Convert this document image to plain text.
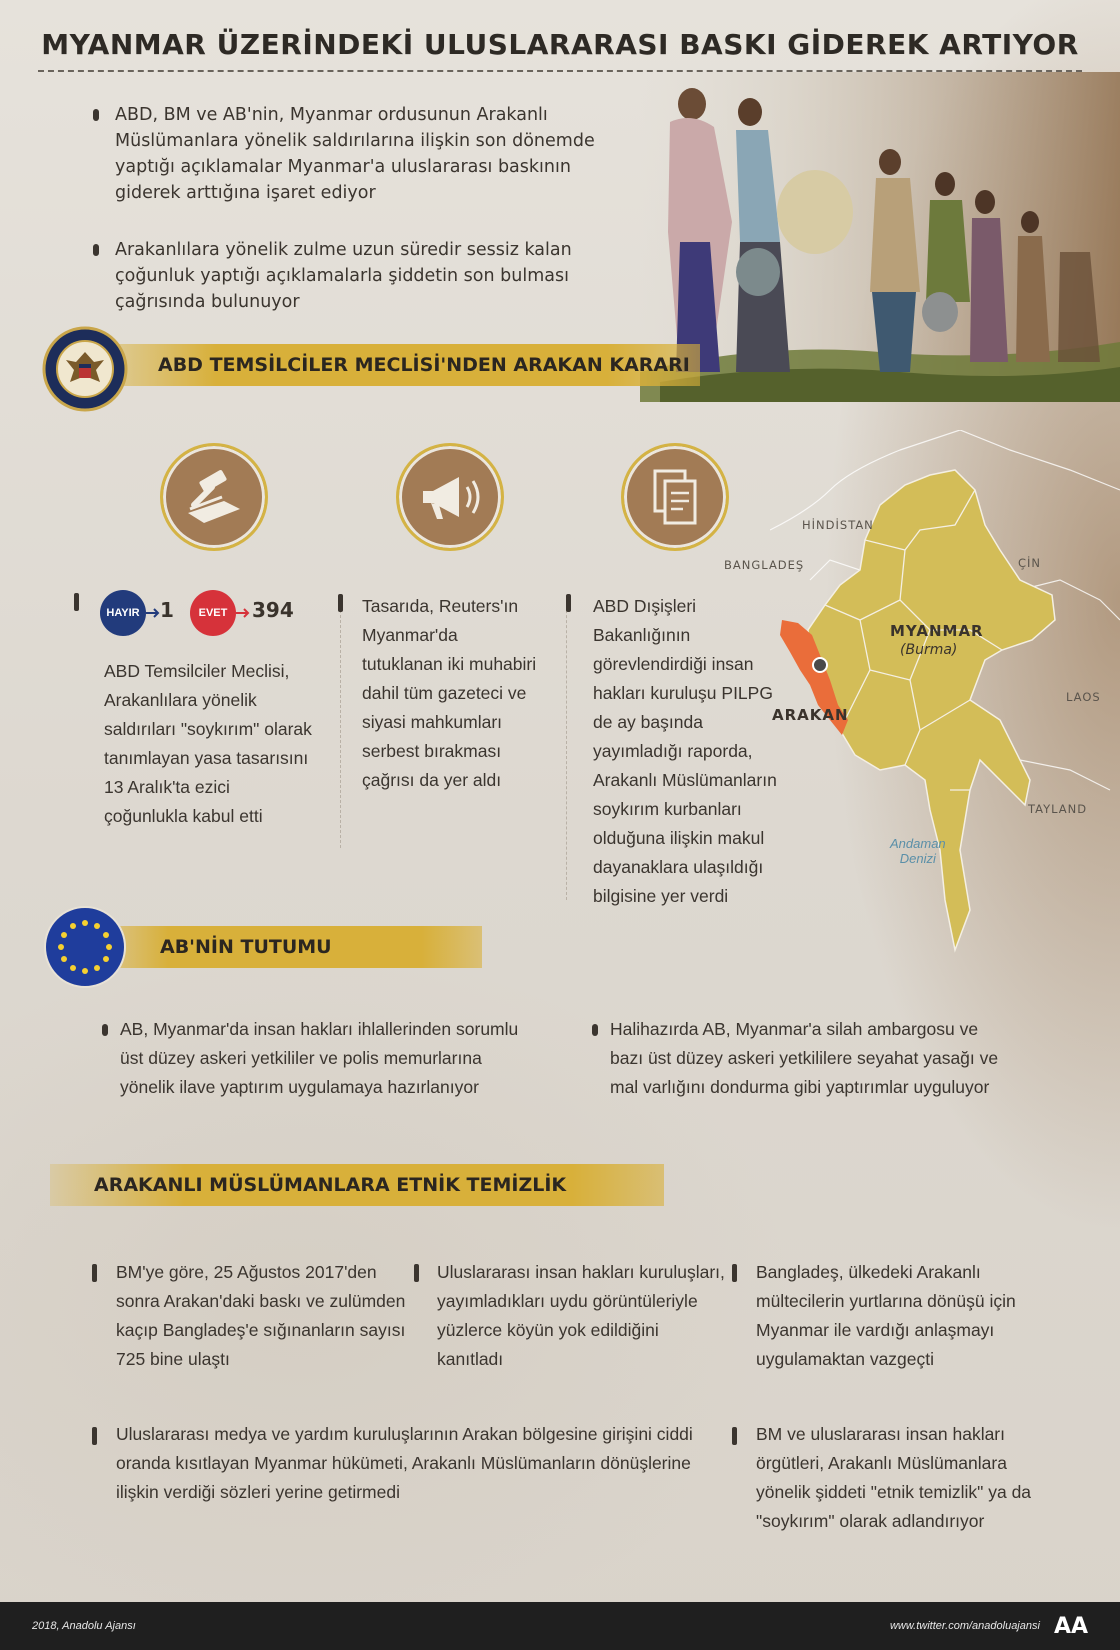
MYANMAR ÜZERİNDEKİ ULUSLARARASI BASKI GİDEREK ARTIYOR
ABD, BM ve AB'nin, Myanmar ordusunun Arakanlı Müslümanlara yönelik saldırılarına ilişkin son dönemde yaptığı açıklamalar Myanmar'a uluslararası baskının giderek arttığına işaret ediyor
Arakanlılara yönelik zulme uzun süredir sessiz kalan çoğunluk yaptığı açıklamalarla şiddetin son bulması çağrısında bulunuyor
ABD TEMSİLCİLER MECLİSİ'NDEN ARAKAN KARARI
HAYIR	1	EVET	394
ABD Temsilciler Meclisi, Arakanlılara yönelik saldırıları "soykırım" olarak tanımlayan yasa tasarısını 13 Aralık'ta ezici çoğunlukla kabul etti
Tasarıda, Reuters'ın Myanmar'da tutuklanan iki muhabiri dahil tüm gazeteci ve siyasi mahkumları serbest bırakması çağrısı da yer aldı
ABD Dışişleri Bakanlığının görevlendirdiği insan hakları kuruluşu PILPG de ay başında yayımladığı raporda, Arakanlı Müslümanların soykırım kurbanları olduğuna ilişkin makul dayanaklara ulaşıldığı bilgisine yer verdi
HİNDİSTAN
BANGLADEŞ	ÇİN
MYANMAR
(Burma)
LAOS
ARAKAN
TAYLAND
Andaman
Denizi
AB'NİN TUTUMU
AB, Myanmar'da insan hakları ihlallerinden sorumlu üst düzey askeri yetkililer ve polis memurlarına yönelik ilave yaptırım uygulamaya hazırlanıyor
Halihazırda AB, Myanmar'a silah ambargosu ve bazı üst düzey askeri yetkililere seyahat yasağı ve mal varlığını dondurma gibi yaptırımlar uyguluyor
ARAKANLI MÜSLÜMANLARA ETNİK TEMİZLİK
BM'ye göre, 25 Ağustos 2017'den sonra Arakan'daki baskı ve zulümden kaçıp Bangladeş'e sığınanların sayısı 725 bine ulaştı
Uluslararası insan hakları kuruluşları, yayımladıkları uydu görüntüleriyle yüzlerce köyün yok edildiğini kanıtladı
Bangladeş, ülkedeki Arakanlı mültecilerin yurtlarına dönüşü için Myanmar ile vardığı anlaşmayı uygulamaktan vazgeçti
Uluslararası medya ve yardım kuruluşlarının Arakan bölgesine girişini ciddi oranda kısıtlayan Myanmar hükümeti, Arakanlı Müslümanların dönüşlerine ilişkin verdiği sözleri yerine getirmedi
BM ve uluslararası insan hakları örgütleri, Arakanlı Müslümanlara yönelik şiddeti "etnik temizlik" ya da "soykırım" olarak adlandırıyor
2018, Anadolu Ajansı	www.twitter.com/anadoluajansi AA
